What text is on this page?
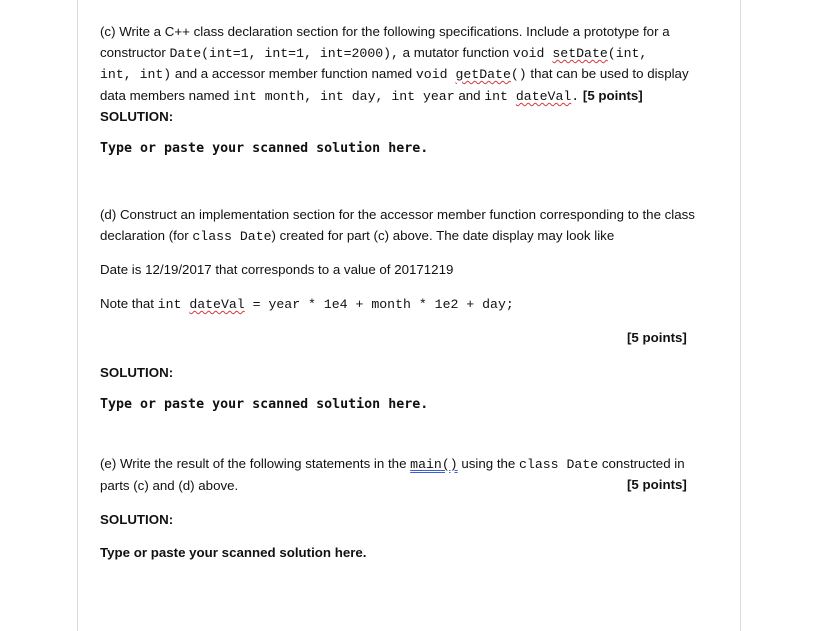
(c) Write a C++ class declaration section for the following specifications. Include a prototype for a
constructor Date(int=1, int=1, int=2000), a mutator function void setDate(int,
int, int) and a accessor member function named void getDate() that can be used to display
data members named int month, int day, int year and int dateVal. [5 points]
SOLUTION:
Type or paste your scanned solution here.
(d) Construct an implementation section for the accessor member function corresponding to the class
declaration (for class Date) created for part (c) above. The date display may look like
Date is 12/19/2017 that corresponds to a value of 20171219
Note that int dateVal = year * 1e4 + month * 1e2 + day;
[5 points]
SOLUTION:
Type or paste your scanned solution here.
(e) Write the result of the following statements in the main() using the class Date constructed in
parts (c) and (d) above.	[5 points]
SOLUTION:
Type or paste your scanned solution here.
